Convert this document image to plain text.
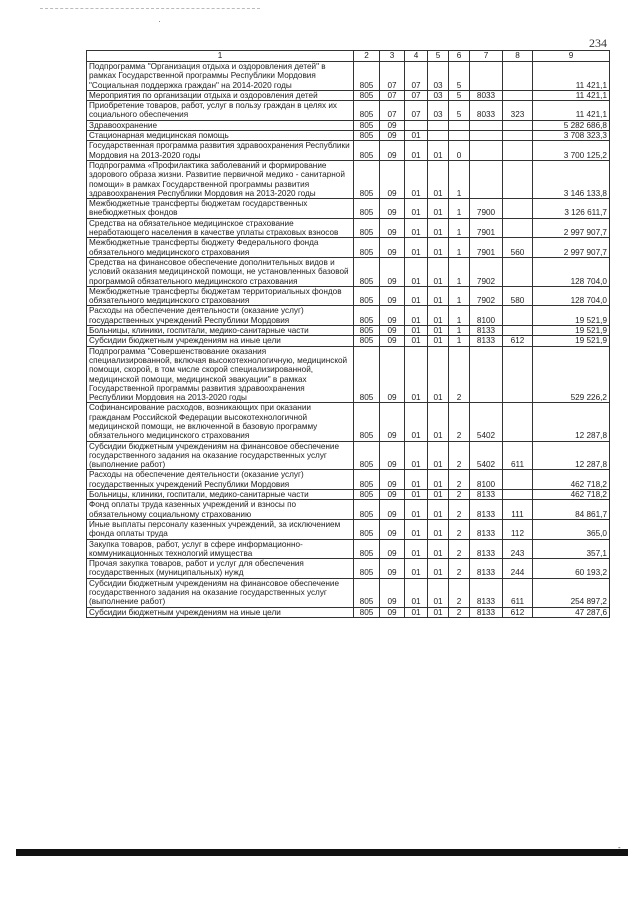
·
234
1	2	3	4	5	6	7	8	9
Подпрограмма "Организация отдыха и оздоровления детей" в рамках Государственной программы Республики Мордовия "Социальная поддержка граждан" на 2014-2020 годы	805	07	07	03	5			11 421,1
Мероприятия по организации отдыха и оздоровления детей	805	07	07	03	5	8033		11 421,1
Приобретение товаров, работ, услуг в пользу граждан в целях их социального обеспечения	805	07	07	03	5	8033	323	11 421,1
Здравоохранение	805	09						5 282 686,8
Стационарная медицинская помощь	805	09	01					3 708 323,3
Государственная программа развития здравоохранения Республики Мордовия на 2013-2020 годы	805	09	01	01	0			3 700 125,2
Подпрограмма «Профилактика заболеваний и формирование здорового образа жизни. Развитие первичной медико - санитарной помощи» в рамках Государственной программы развития здравоохранения Республики Мордовия на 2013-2020 годы	805	09	01	01	1			3 146 133,8
Межбюджетные трансферты бюджетам государственных внебюджетных фондов	805	09	01	01	1	7900		3 126 611,7
Средства на обязательное медицинское страхование неработающего населения в качестве уплаты страховых взносов	805	09	01	01	1	7901		2 997 907,7
Межбюджетные трансферты бюджету Федерального фонда обязательного медицинского страхования	805	09	01	01	1	7901	560	2 997 907,7
Средства на финансовое обеспечение дополнительных видов и условий оказания медицинской помощи, не установленных базовой программой обязательного медицинского страхования	805	09	01	01	1	7902		128 704,0
Межбюджетные трансферты бюджетам территориальных фондов обязательного медицинского страхования	805	09	01	01	1	7902	580	128 704,0
Расходы на обеспечение деятельности (оказание услуг) государственных учреждений Республики Мордовия	805	09	01	01	1	8100		19 521,9
Больницы, клиники, госпитали, медико-санитарные части	805	09	01	01	1	8133		19 521,9
Субсидии бюджетным учреждениям на иные цели	805	09	01	01	1	8133	612	19 521,9
Подпрограмма "Совершенствование оказания специализированной, включая высокотехнологичную, медицинской помощи, скорой, в том числе скорой специализированной, медицинской помощи, медицинской эвакуации" в рамках Государственной программы развития здравоохранения Республики Мордовия на 2013-2020 годы	805	09	01	01	2			529 226,2
Софинансирование расходов, возникающих при оказании гражданам Российской Федерации высокотехнологичной медицинской помощи, не включенной в базовую программу обязательного медицинского страхования	805	09	01	01	2	5402		12 287,8
Субсидии бюджетным учреждениям на финансовое обеспечение государственного задания на оказание государственных услуг (выполнение работ)	805	09	01	01	2	5402	611	12 287,8
Расходы на обеспечение деятельности (оказание услуг) государственных учреждений Республики Мордовия	805	09	01	01	2	8100		462 718,2
Больницы, клиники, госпитали, медико-санитарные части	805	09	01	01	2	8133		462 718,2
Фонд оплаты труда казенных учреждений и взносы по обязательному социальному страхованию	805	09	01	01	2	8133	111	84 861,7
Иные выплаты персоналу казенных учреждений, за исключением фонда оплаты труда	805	09	01	01	2	8133	112	365,0
Закупка товаров, работ, услуг в сфере информационно-коммуникационных технологий имущества	805	09	01	01	2	8133	243	357,1
Прочая закупка товаров, работ и услуг для обеспечения государственных (муниципальных) нужд	805	09	01	01	2	8133	244	60 193,2
Субсидии бюджетным учреждениям на финансовое обеспечение государственного задания на оказание государственных услуг (выполнение работ)	805	09	01	01	2	8133	611	254 897,2
Субсидии бюджетным учреждениям на иные цели	805	09	01	01	2	8133	612	47 287,6
-
